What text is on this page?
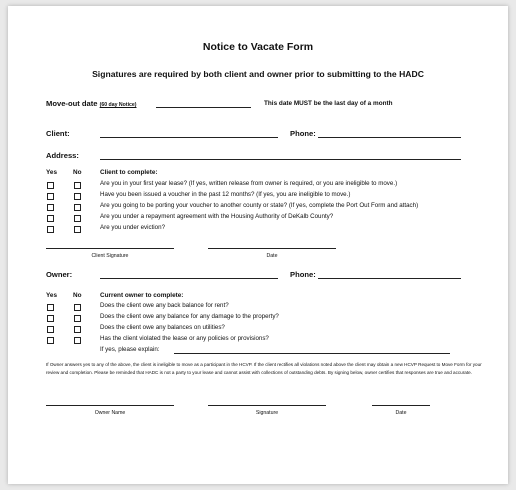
Notice to Vacate Form
Signatures are required by both client and owner prior to submitting to the HADC
Move-out date (60 day Notice)	This date MUST be the last day of a month
Client:	Phone:
Address:
Yes No	Client to complete:
Are you in your first year lease? (If yes, written release from owner is required, or you are ineligible to move.)
Have you been issued a voucher in the past 12 months? (If yes, you are ineligible to move.)
Are you going to be porting your voucher to another county or state? (If yes, complete the Port Out Form and attach)
Are you under a repayment agreement with the Housing Authority of DeKalb County?
Are you under eviction?
Client Signature	Date
Owner:	Phone:
Yes No	Current owner to complete:
Does the client owe any back balance for rent?
Does the client owe any balance for any damage to the property?
Does the client owe any balances on utilities?
Has the client violated the lease or any policies or provisions?
If yes, please explain:
If Owner answers yes to any of the above, the client is ineligible to move as a participant in the HCVP. If the client rectifies all violations noted above the client may obtain a new HCVP Request to Move Form for your review and completion. Please be reminded that HADC is not a party to your lease and cannot assist with collections of outstanding debts. By signing below, owner certifies that responses are true and accurate.
Owner Name	Signature	Date
